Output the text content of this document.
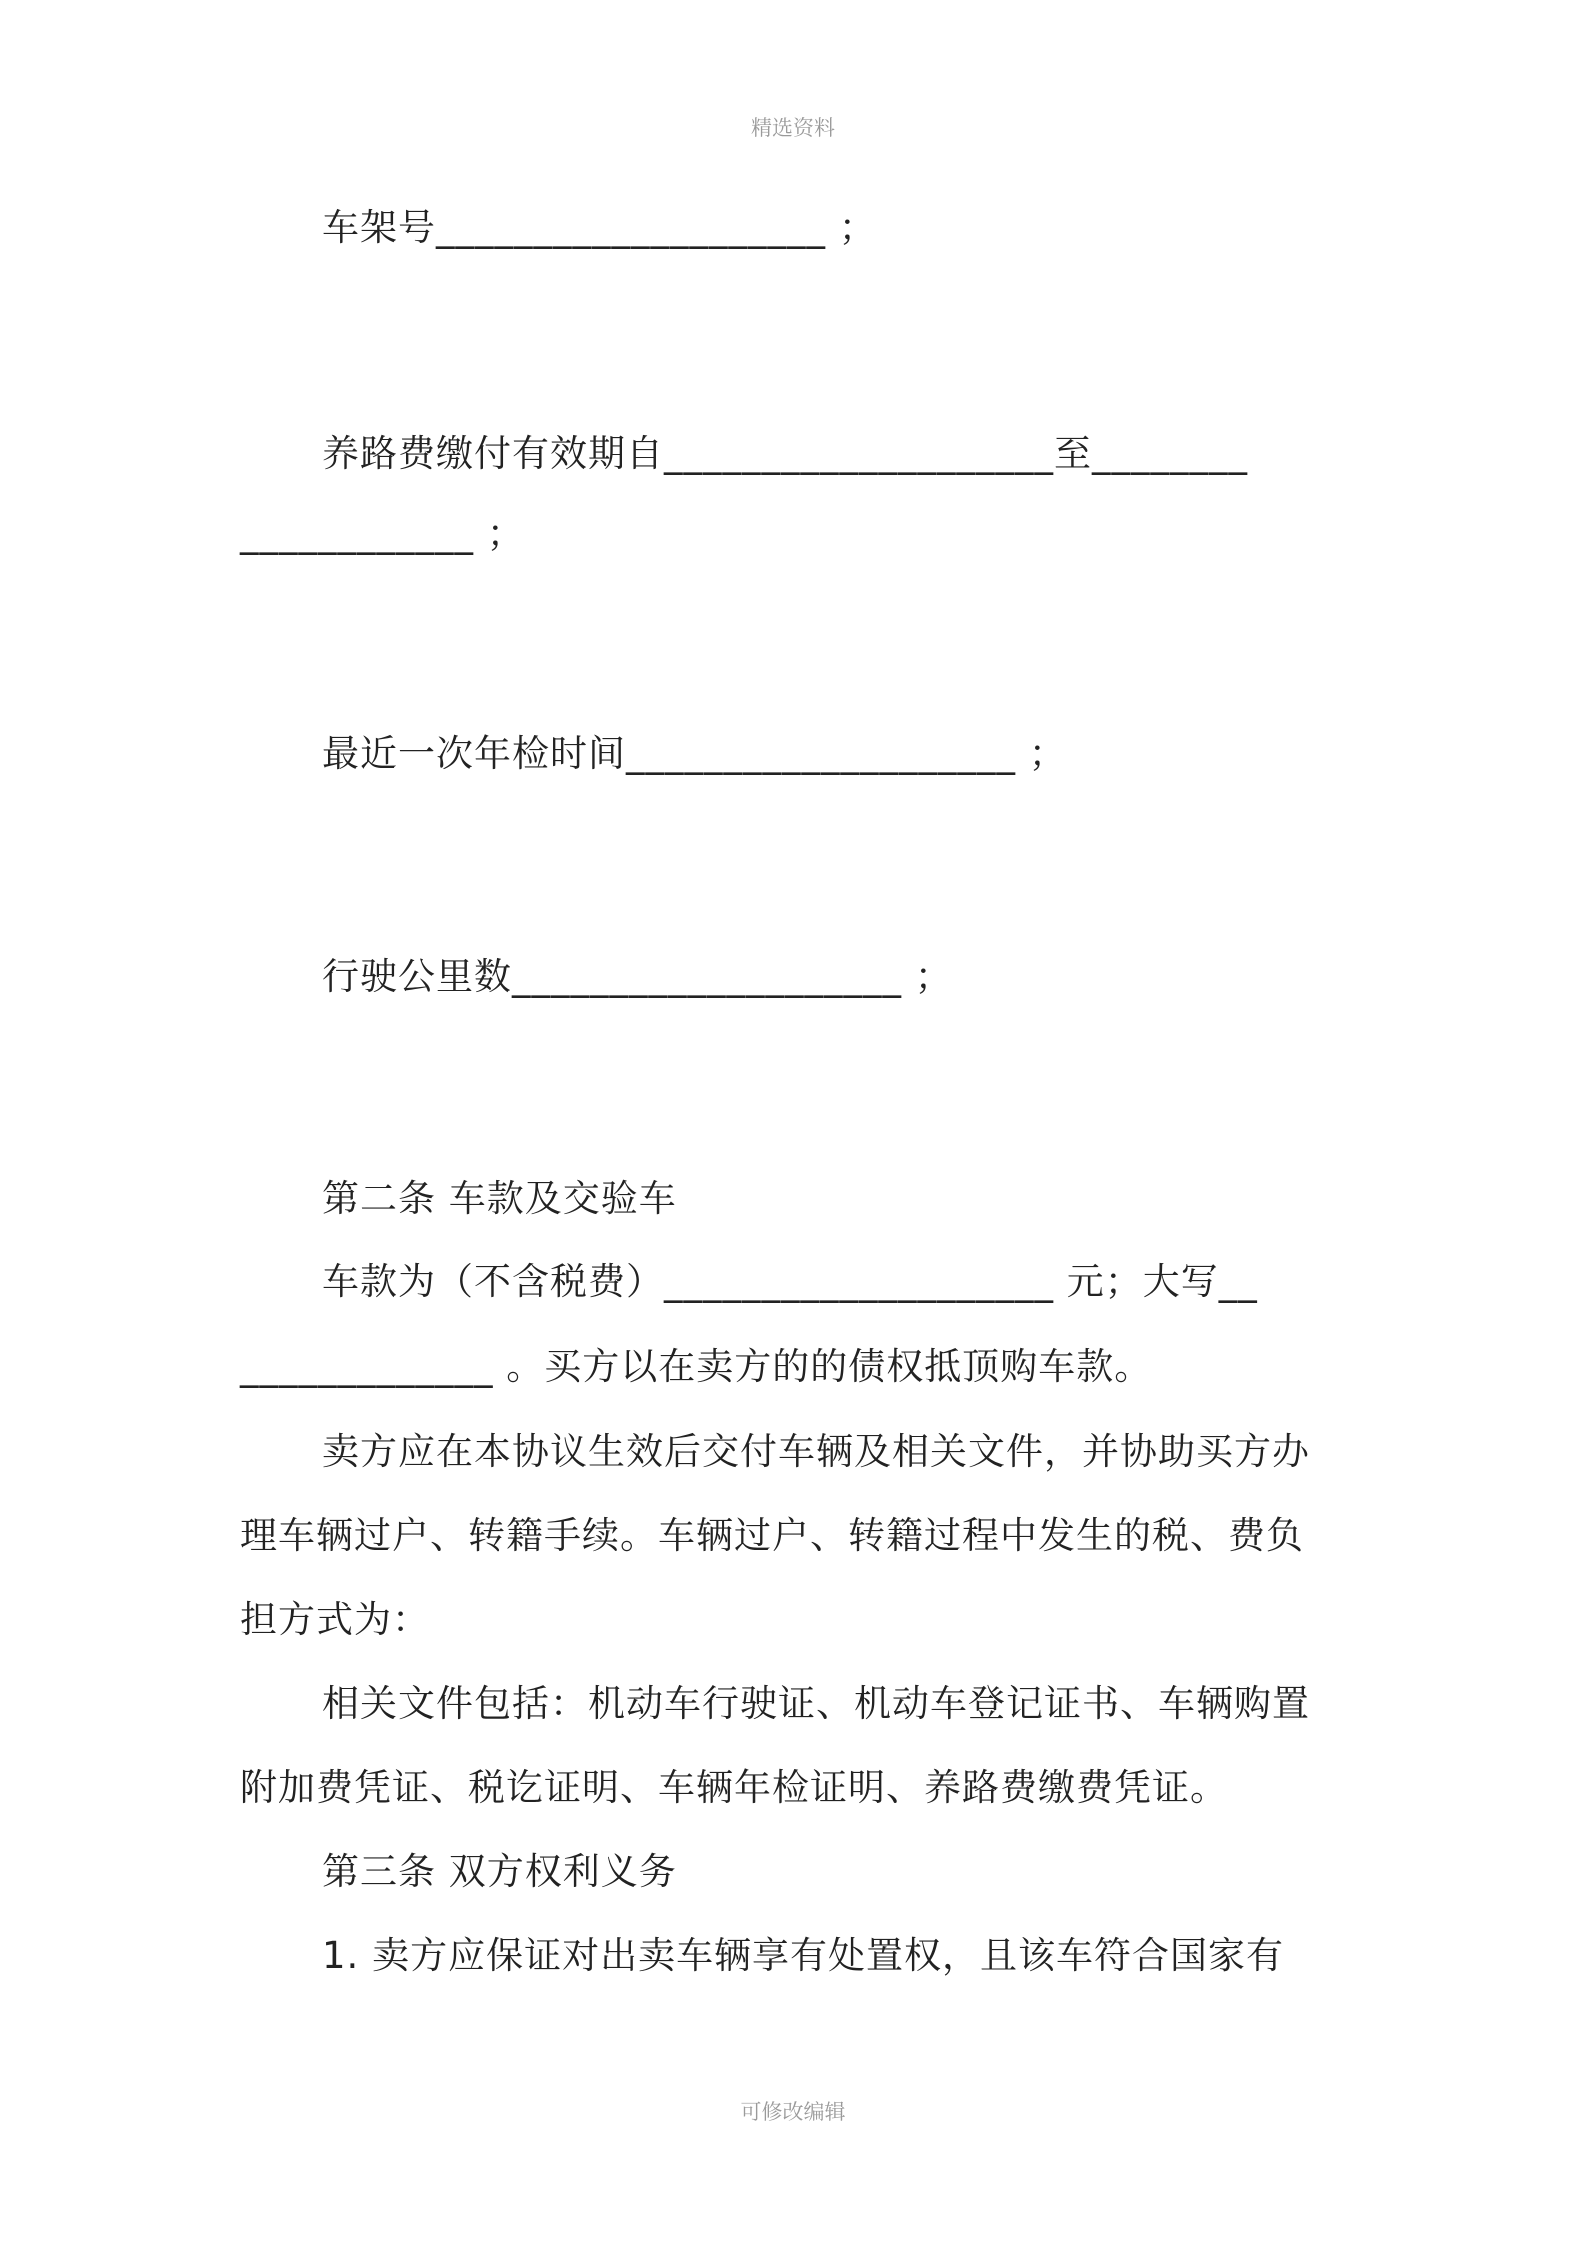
精选资料
车架号____________________ ；
养路费缴付有效期自____________________至________
____________ ；
最近一次年检时间____________________ ；
行驶公里数____________________ ；
第二条 车款及交验车
车款为（不含税费）____________________ 元；大写__
_____________ 。买方以在卖方的的债权抵顶购车款。
卖方应在本协议生效后交付车辆及相关文件，并协助买方办
理车辆过户、转籍手续。车辆过户、转籍过程中发生的税、费负
担方式为：
相关文件包括：机动车行驶证、机动车登记证书、车辆购置
附加费凭证、税讫证明、车辆年检证明、养路费缴费凭证。
第三条 双方权利义务
1. 卖方应保证对出卖车辆享有处置权，且该车符合国家有
可修改编辑
